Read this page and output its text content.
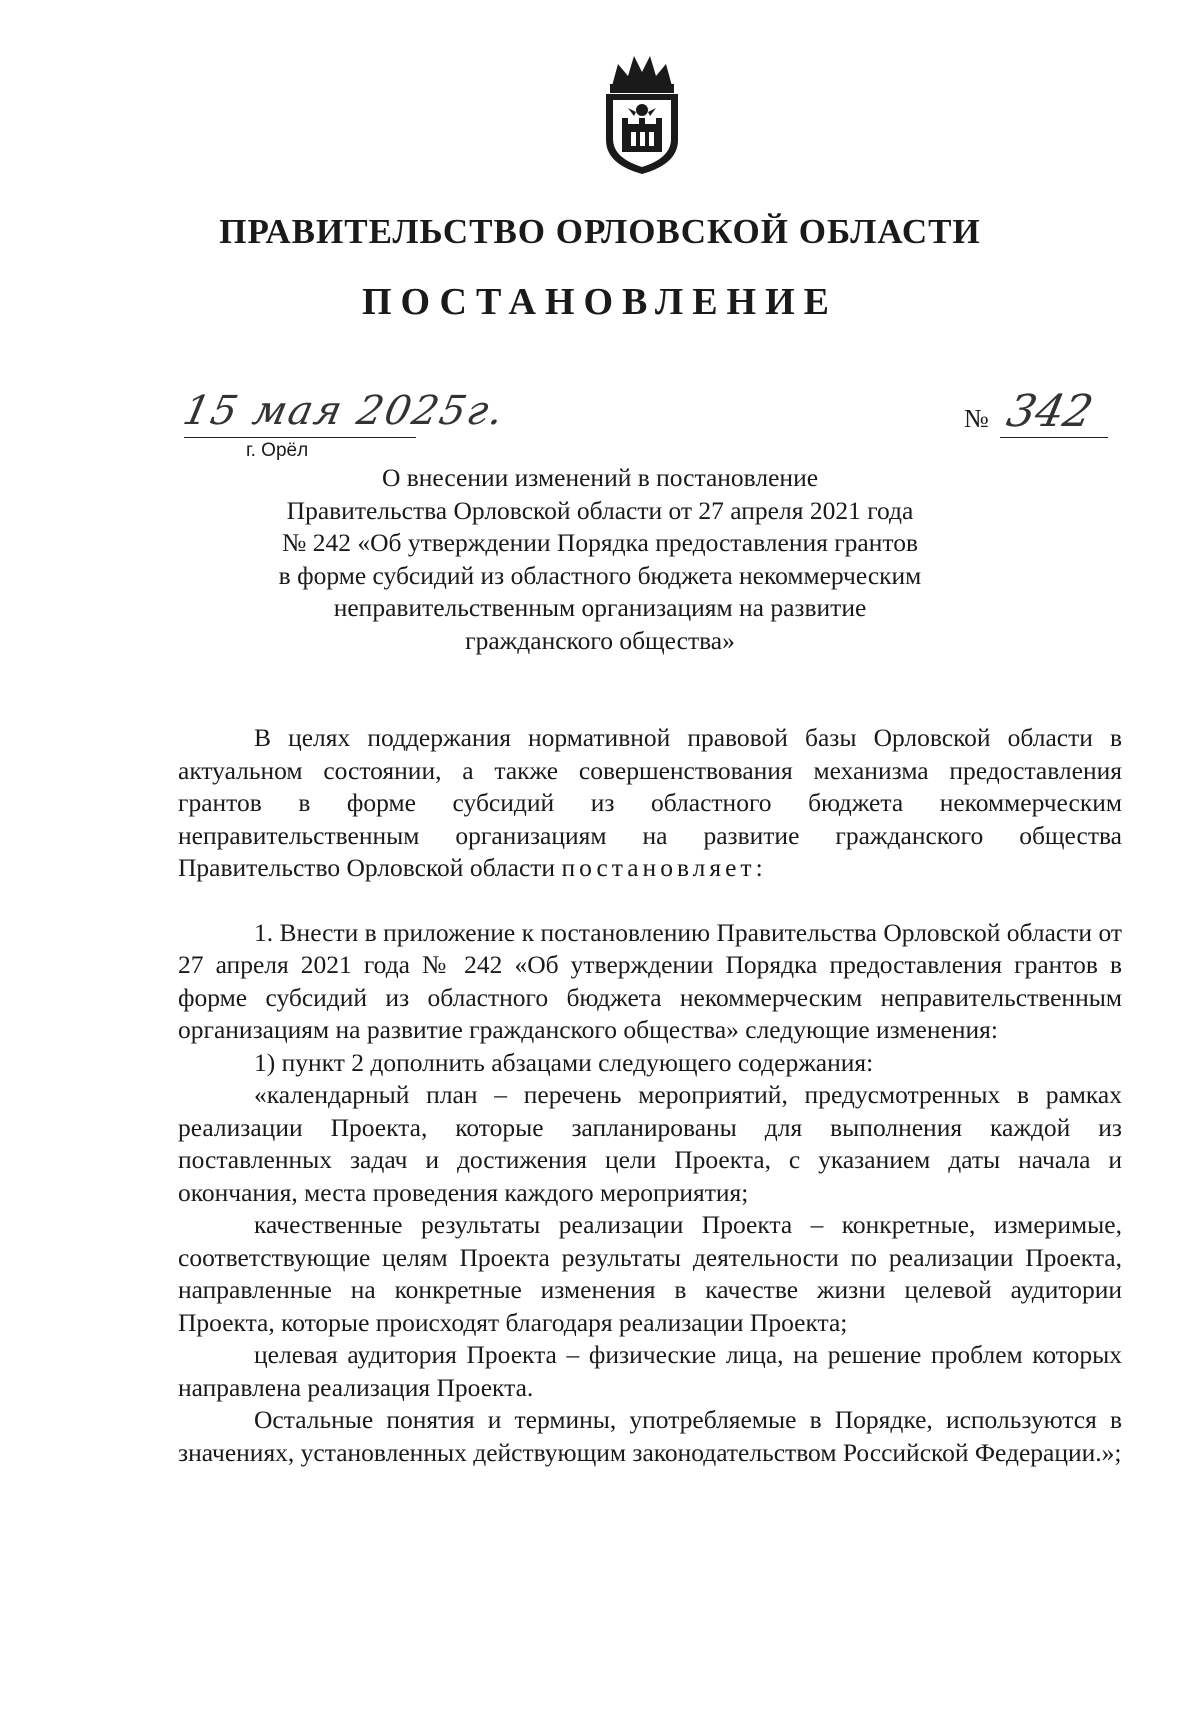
ПРАВИТЕЛЬСТВО ОРЛОВСКОЙ ОБЛАСТИ
ПОСТАНОВЛЕНИЕ
15 мая 2025г.
г. Орёл
№ 342
О внесении изменений в постановление
Правительства Орловской области от 27 апреля 2021 года
№ 242 «Об утверждении Порядка предоставления грантов
в форме субсидий из областного бюджета некоммерческим
неправительственным организациям на развитие
гражданского общества»

В целях поддержания нормативной правовой базы Орловской области в актуальном состоянии, а также совершенствования механизма предоставления грантов в форме субсидий из областного бюджета некоммерческим неправительственным организациям на развитие гражданского общества Правительство Орловской области постановляет:

1. Внести в приложение к постановлению Правительства Орловской области от 27 апреля 2021 года № 242 «Об утверждении Порядка предоставления грантов в форме субсидий из областного бюджета некоммерческим неправительственным организациям на развитие гражданского общества» следующие изменения:

1) пункт 2 дополнить абзацами следующего содержания:

«календарный план – перечень мероприятий, предусмотренных в рамках реализации Проекта, которые запланированы для выполнения каждой из поставленных задач и достижения цели Проекта, с указанием даты начала и окончания, места проведения каждого мероприятия;

качественные результаты реализации Проекта – конкретные, измеримые, соответствующие целям Проекта результаты деятельности по реализации Проекта, направленные на конкретные изменения в качестве жизни целевой аудитории Проекта, которые происходят благодаря реализации Проекта;

целевая аудитория Проекта – физические лица, на решение проблем которых направлена реализация Проекта.

Остальные понятия и термины, употребляемые в Порядке, используются в значениях, установленных действующим законодательством Российской Федерации.»;
